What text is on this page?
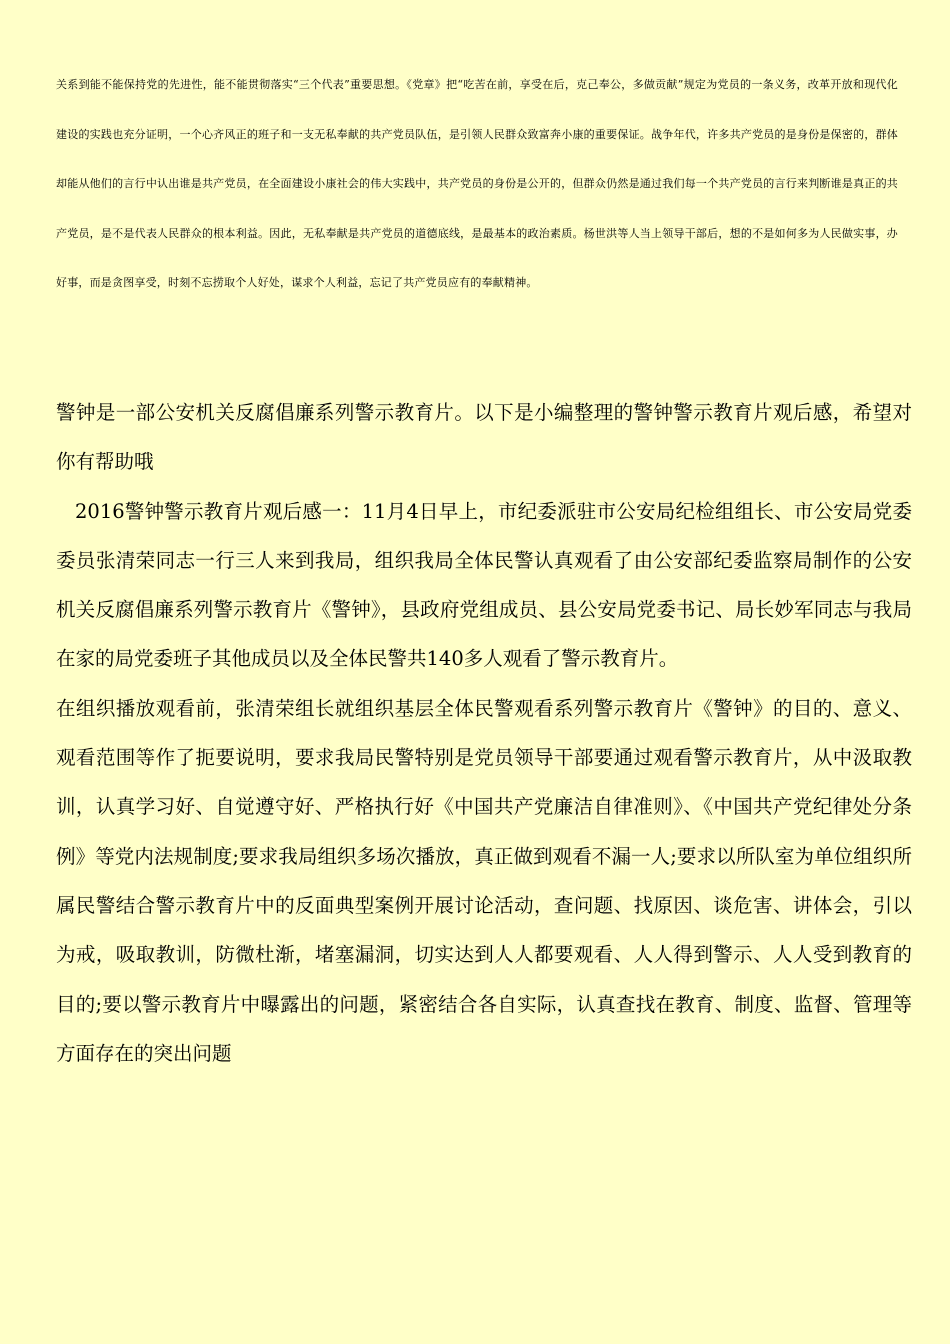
关系到能不能保持党的先进性，能不能贯彻落实“三个代表”重要思想。《党章》把“吃苦在前，享受在后，克己奉公，多做贡献”规定为党员的一条义务，改革开放和现代化建设的实践也充分证明，一个心齐风正的班子和一支无私奉献的共产党员队伍，是引领人民群众致富奔小康的重要保证。战争年代，许多共产党员的是身份是保密的，群体却能从他们的言行中认出谁是共产党员，在全面建设小康社会的伟大实践中，共产党员的身份是公开的，但群众仍然是通过我们每一个共产党员的言行来判断谁是真正的共产党员，是不是代表人民群众的根本利益。因此，无私奉献是共产党员的道德底线，是最基本的政治素质。杨世洪等人当上领导干部后，想的不是如何多为人民做实事，办好事，而是贪图享受，时刻不忘捞取个人好处，谋求个人利益，忘记了共产党员应有的奉献精神。

警钟是一部公安机关反腐倡廉系列警示教育片。以下是小编整理的警钟警示教育片观后感，希望对你有帮助哦

2016警钟警示教育片观后感一：11月4日早上，市纪委派驻市公安局纪检组组长、市公安局党委委员张清荣同志一行三人来到我局，组织我局全体民警认真观看了由公安部纪委监察局制作的公安机关反腐倡廉系列警示教育片《警钟》，县政府党组成员、县公安局党委书记、局长妙军同志与我局在家的局党委班子其他成员以及全体民警共140多人观看了警示教育片。

在组织播放观看前，张清荣组长就组织基层全体民警观看系列警示教育片《警钟》的目的、意义、观看范围等作了扼要说明，要求我局民警特别是党员领导干部要通过观看警示教育片，从中汲取教训，认真学习好、自觉遵守好、严格执行好《中国共产党廉洁自律准则》、《中国共产党纪律处分条例》等党内法规制度;要求我局组织多场次播放，真正做到观看不漏一人;要求以所队室为单位组织所属民警结合警示教育片中的反面典型案例开展讨论活动，查问题、找原因、谈危害、讲体会，引以为戒，吸取教训，防微杜渐，堵塞漏洞，切实达到人人都要观看、人人得到警示、人人受到教育的目的;要以警示教育片中曝露出的问题，紧密结合各自实际，认真查找在教育、制度、监督、管理等方面存在的突出问题
